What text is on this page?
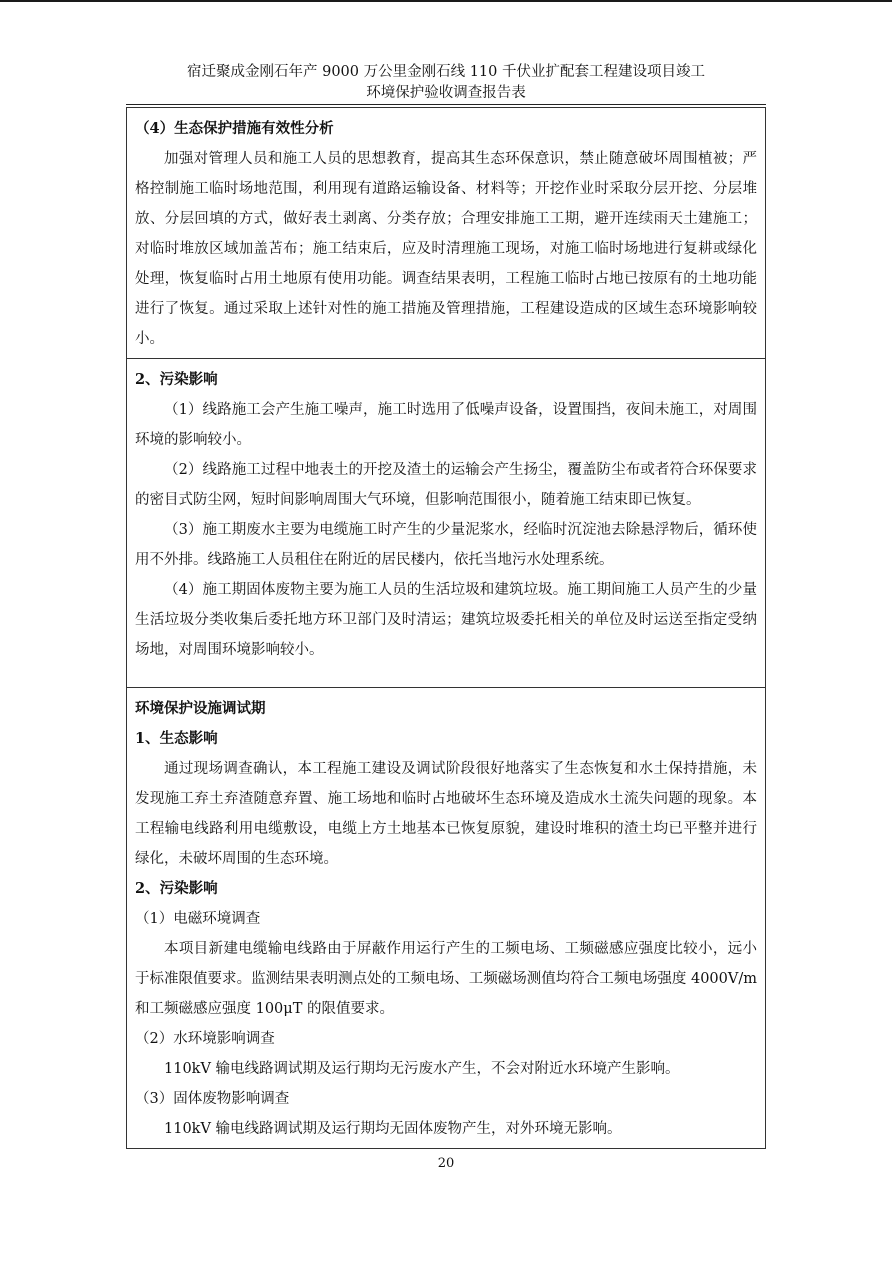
宿迁聚成金刚石年产 9000 万公里金刚石线 110 千伏业扩配套工程建设项目竣工
环境保护验收调查报告表
（4）生态保护措施有效性分析

加强对管理人员和施工人员的思想教育，提高其生态环保意识，禁止随意破坏周围植被；严格控制施工临时场地范围，利用现有道路运输设备、材料等；开挖作业时采取分层开挖、分层堆放、分层回填的方式，做好表土剥离、分类存放；合理安排施工工期，避开连续雨天土建施工；对临时堆放区域加盖苫布；施工结束后，应及时清理施工现场，对施工临时场地进行复耕或绿化处理，恢复临时占用土地原有使用功能。调查结果表明，工程施工临时占地已按原有的土地功能进行了恢复。通过采取上述针对性的施工措施及管理措施，工程建设造成的区域生态环境影响较小。

2、污染影响

（1）线路施工会产生施工噪声，施工时选用了低噪声设备，设置围挡，夜间未施工，对周围环境的影响较小。

（2）线路施工过程中地表土的开挖及渣土的运输会产生扬尘，覆盖防尘布或者符合环保要求的密目式防尘网，短时间影响周围大气环境，但影响范围很小，随着施工结束即已恢复。

（3）施工期废水主要为电缆施工时产生的少量泥浆水，经临时沉淀池去除悬浮物后，循环使用不外排。线路施工人员租住在附近的居民楼内，依托当地污水处理系统。

（4）施工期固体废物主要为施工人员的生活垃圾和建筑垃圾。施工期间施工人员产生的少量生活垃圾分类收集后委托地方环卫部门及时清运；建筑垃圾委托相关的单位及时运送至指定受纳场地，对周围环境影响较小。

环境保护设施调试期
1、生态影响

通过现场调查确认，本工程施工建设及调试阶段很好地落实了生态恢复和水土保持措施，未发现施工弃土弃渣随意弃置、施工场地和临时占地破坏生态环境及造成水土流失问题的现象。本工程输电线路利用电缆敷设，电缆上方土地基本已恢复原貌，建设时堆积的渣土均已平整并进行绿化，未破坏周围的生态环境。

2、污染影响
（1）电磁环境调查

本项目新建电缆输电线路由于屏蔽作用运行产生的工频电场、工频磁感应强度比较小，远小于标准限值要求。监测结果表明测点处的工频电场、工频磁场测值均符合工频电场强度 4000V/m 和工频磁感应强度 100μT 的限值要求。

（2）水环境影响调查

110kV 输电线路调试期及运行期均无污废水产生，不会对附近水环境产生影响。

（3）固体废物影响调查

110kV 输电线路调试期及运行期均无固体废物产生，对外环境无影响。

20
